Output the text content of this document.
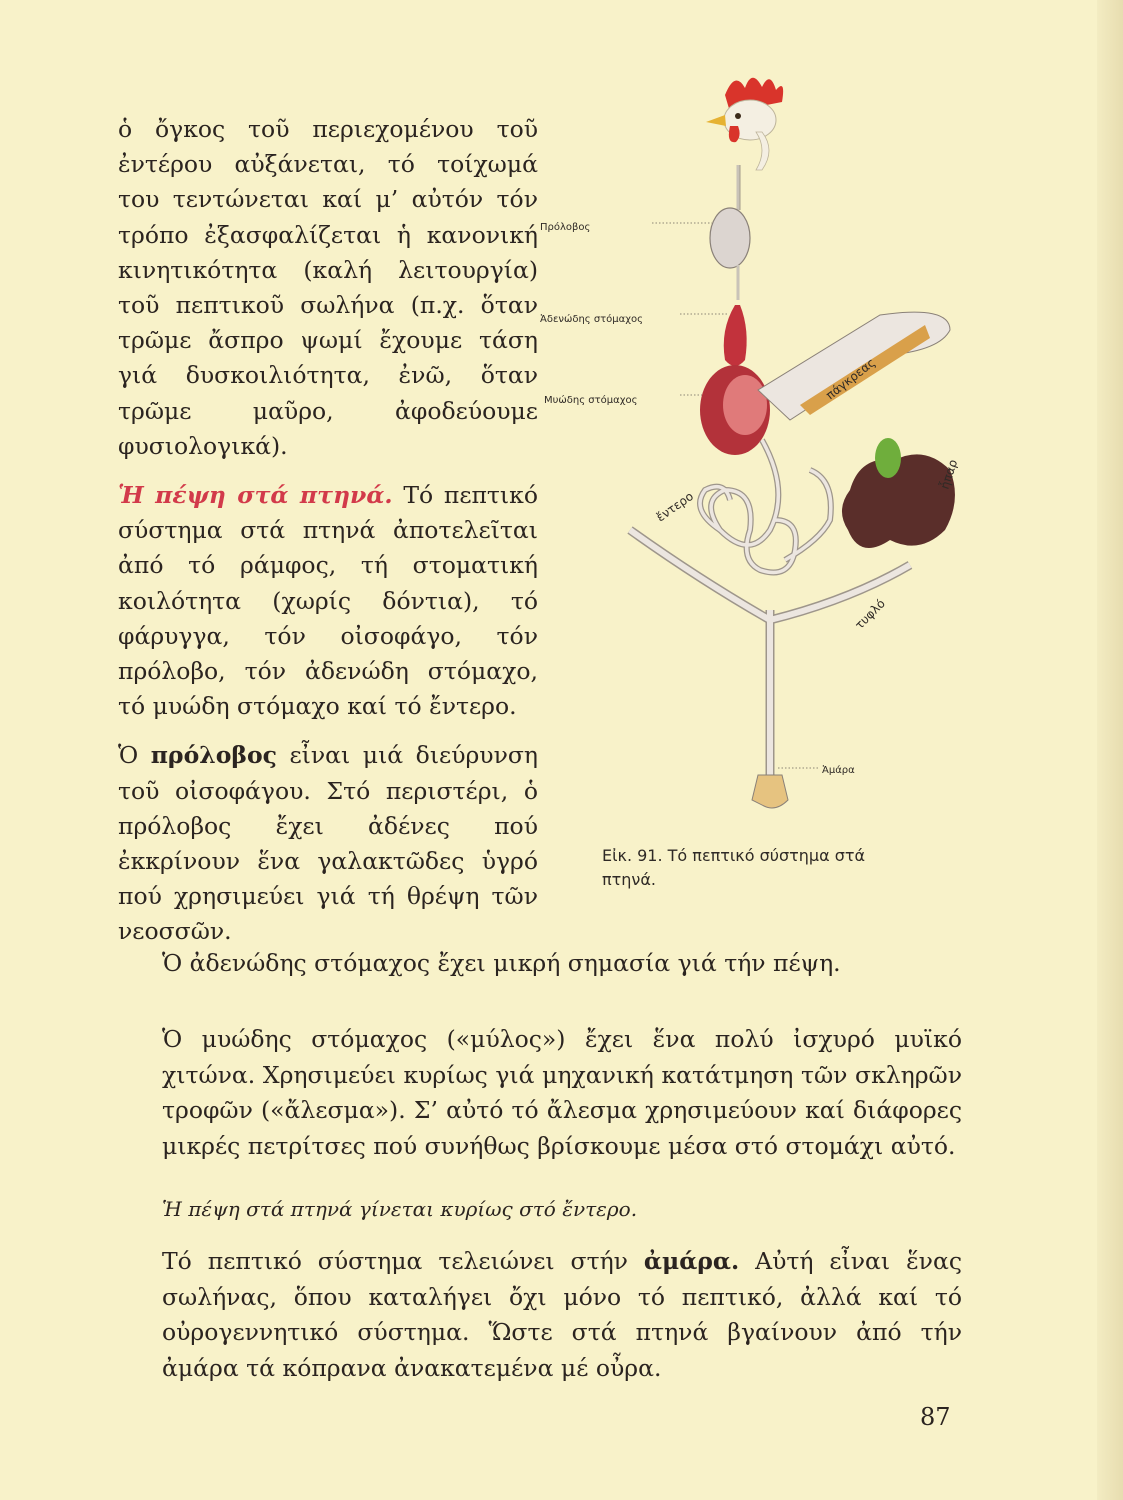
ὁ ὄγκος τοῦ περιεχομένου τοῦ ἐντέρου αὐξάνεται, τό τοίχωμά του τεντώνεται καί μ’ αὐτόν τόν τρόπο ἐξασφαλίζεται ἡ κανονική κινητικότητα (καλή λειτουργία) τοῦ πεπτικοῦ σωλήνα (π.χ. ὅταν τρῶμε ἄσπρο ψωμί ἔχουμε τάση γιά δυσκοιλιότητα, ἐνῶ, ὅταν τρῶμε μαῦρο, ἀφοδεύουμε φυσιολογικά).

Ἡ πέψη στά πτηνά. Τό πεπτικό σύστημα στά πτηνά ἀποτελεῖται ἀπό τό ράμφος, τή στοματική κοιλότητα (χωρίς δόντια), τό φάρυγγα, τόν οἰσοφάγο, τόν πρόλοβο, τόν ἀδενώδη στόμαχο, τό μυώδη στόμαχο καί τό ἔντερο.

Ὁ πρόλοβος εἶναι μιά διεύρυνση τοῦ οἰσοφάγου. Στό περιστέρι, ὁ πρόλοβος ἔχει ἀδένες πού ἐκκρίνουν ἕνα γαλακτῶδες ὑγρό πού χρησιμεύει γιά τή θρέψη τῶν νεοσσῶν.

Πρόλοβος
Ἀδενώδης στόμαχος
Μυώδης στόμαχος	πάγκρεας
ἔντερο
ἧπαρ
τυφλό
Ἀμάρα
Εἰκ. 91. Τό πεπτικό σύστημα στά πτηνά.

Ὁ ἀδενώδης στόμαχος ἔχει μικρή σημασία γιά τήν πέψη.

Ὁ μυώδης στόμαχος («μύλος») ἔχει ἕνα πολύ ἰσχυρό μυϊκό χιτώνα. Χρησιμεύει κυρίως γιά μηχανική κατάτμηση τῶν σκληρῶν τροφῶν («ἄλεσμα»). Σ’ αὐτό τό ἄλεσμα χρησιμεύουν καί διάφορες μικρές πετρίτσες πού συνήθως βρίσκουμε μέσα στό στομάχι αὐτό.

Ἡ πέψη στά πτηνά γίνεται κυρίως στό ἔντερο.

Τό πεπτικό σύστημα τελειώνει στήν ἀμάρα. Αὐτή εἶναι ἕνας σωλήνας, ὅπου καταλήγει ὄχι μόνο τό πεπτικό, ἀλλά καί τό οὐρογεννητικό σύστημα. Ὥστε στά πτηνά βγαίνουν ἀπό τήν ἀμάρα τά κόπρανα ἀνακατεμένα μέ οὖρα.

87
